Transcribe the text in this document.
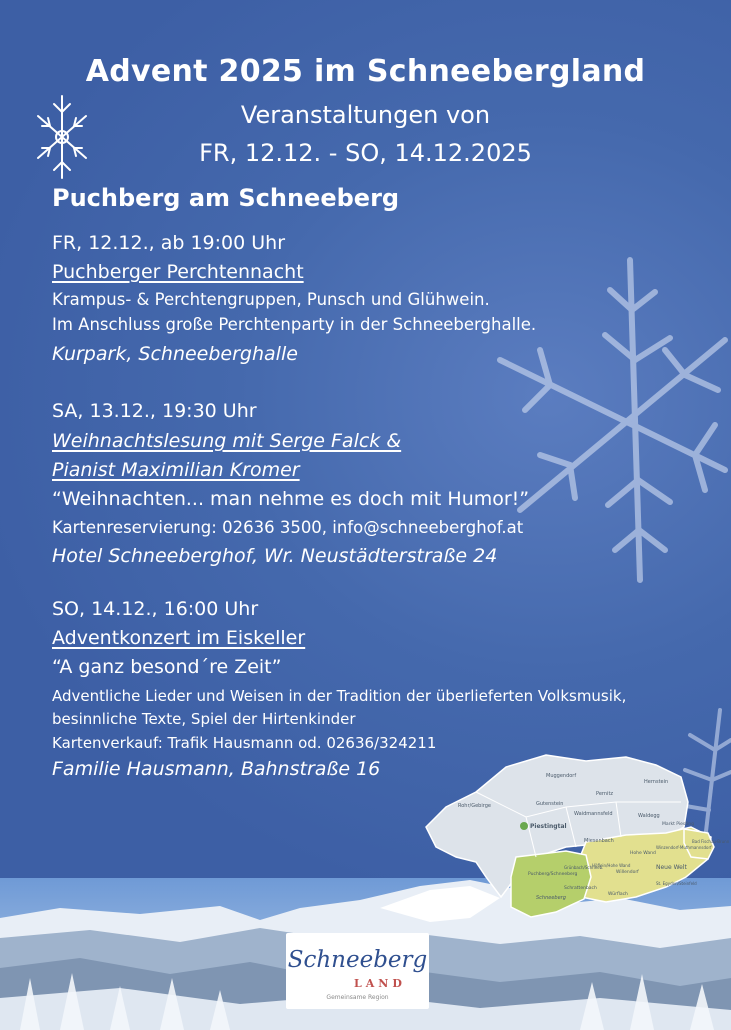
Advent 2025 im Schneebergland
Veranstaltungen von
FR, 12.12. - SO, 14.12.2025
Puchberg am Schneeberg
FR, 12.12., ab 19:00 Uhr
Puchberger Perchtennacht
Krampus- & Perchtengruppen, Punsch und Glühwein.
Im Anschluss große Perchtenparty in der Schneeberghalle.
Kurpark, Schneeberghalle
SA, 13.12., 19:30 Uhr
Weihnachtslesung mit Serge Falck &
Pianist Maximilian Kromer
“Weihnachten... man nehme es doch mit Humor!”
Kartenreservierung: 02636 3500, info@schneeberghof.at
Hotel Schneeberghof, Wr. Neustädterstraße 24
SO, 14.12., 16:00 Uhr
Adventkonzert im Eiskeller
“A ganz besond´re Zeit”
Adventliche Lieder und Weisen in der Tradition der überlieferten Volksmusik,
besinnliche Texte, Spiel der Hirtenkinder
Kartenverkauf: Trafik Hausmann od. 02636/324211
Familie Hausmann, Bahnstraße 16	Muggendorf
Hernstein
Pernitz
Gutenstein
Rohr/Gebirge
Waidmannsfeld	Waldegg
Markt Piesting
Piestingtal
Miesenbach	Bad Fischau-Brunn
Winzendorf-Muthmannsdorf
Hohe Wand
Neue Welt
Puchberg/Schneeberg
Grünbach/Schneeb.
Höflein/Hohe Wand
Willendorf
Schrattenbach
St. Egyden/Steinfeld
Würflach
Schneeberg
Schneeberg
LAND
Gemeinsame Region
